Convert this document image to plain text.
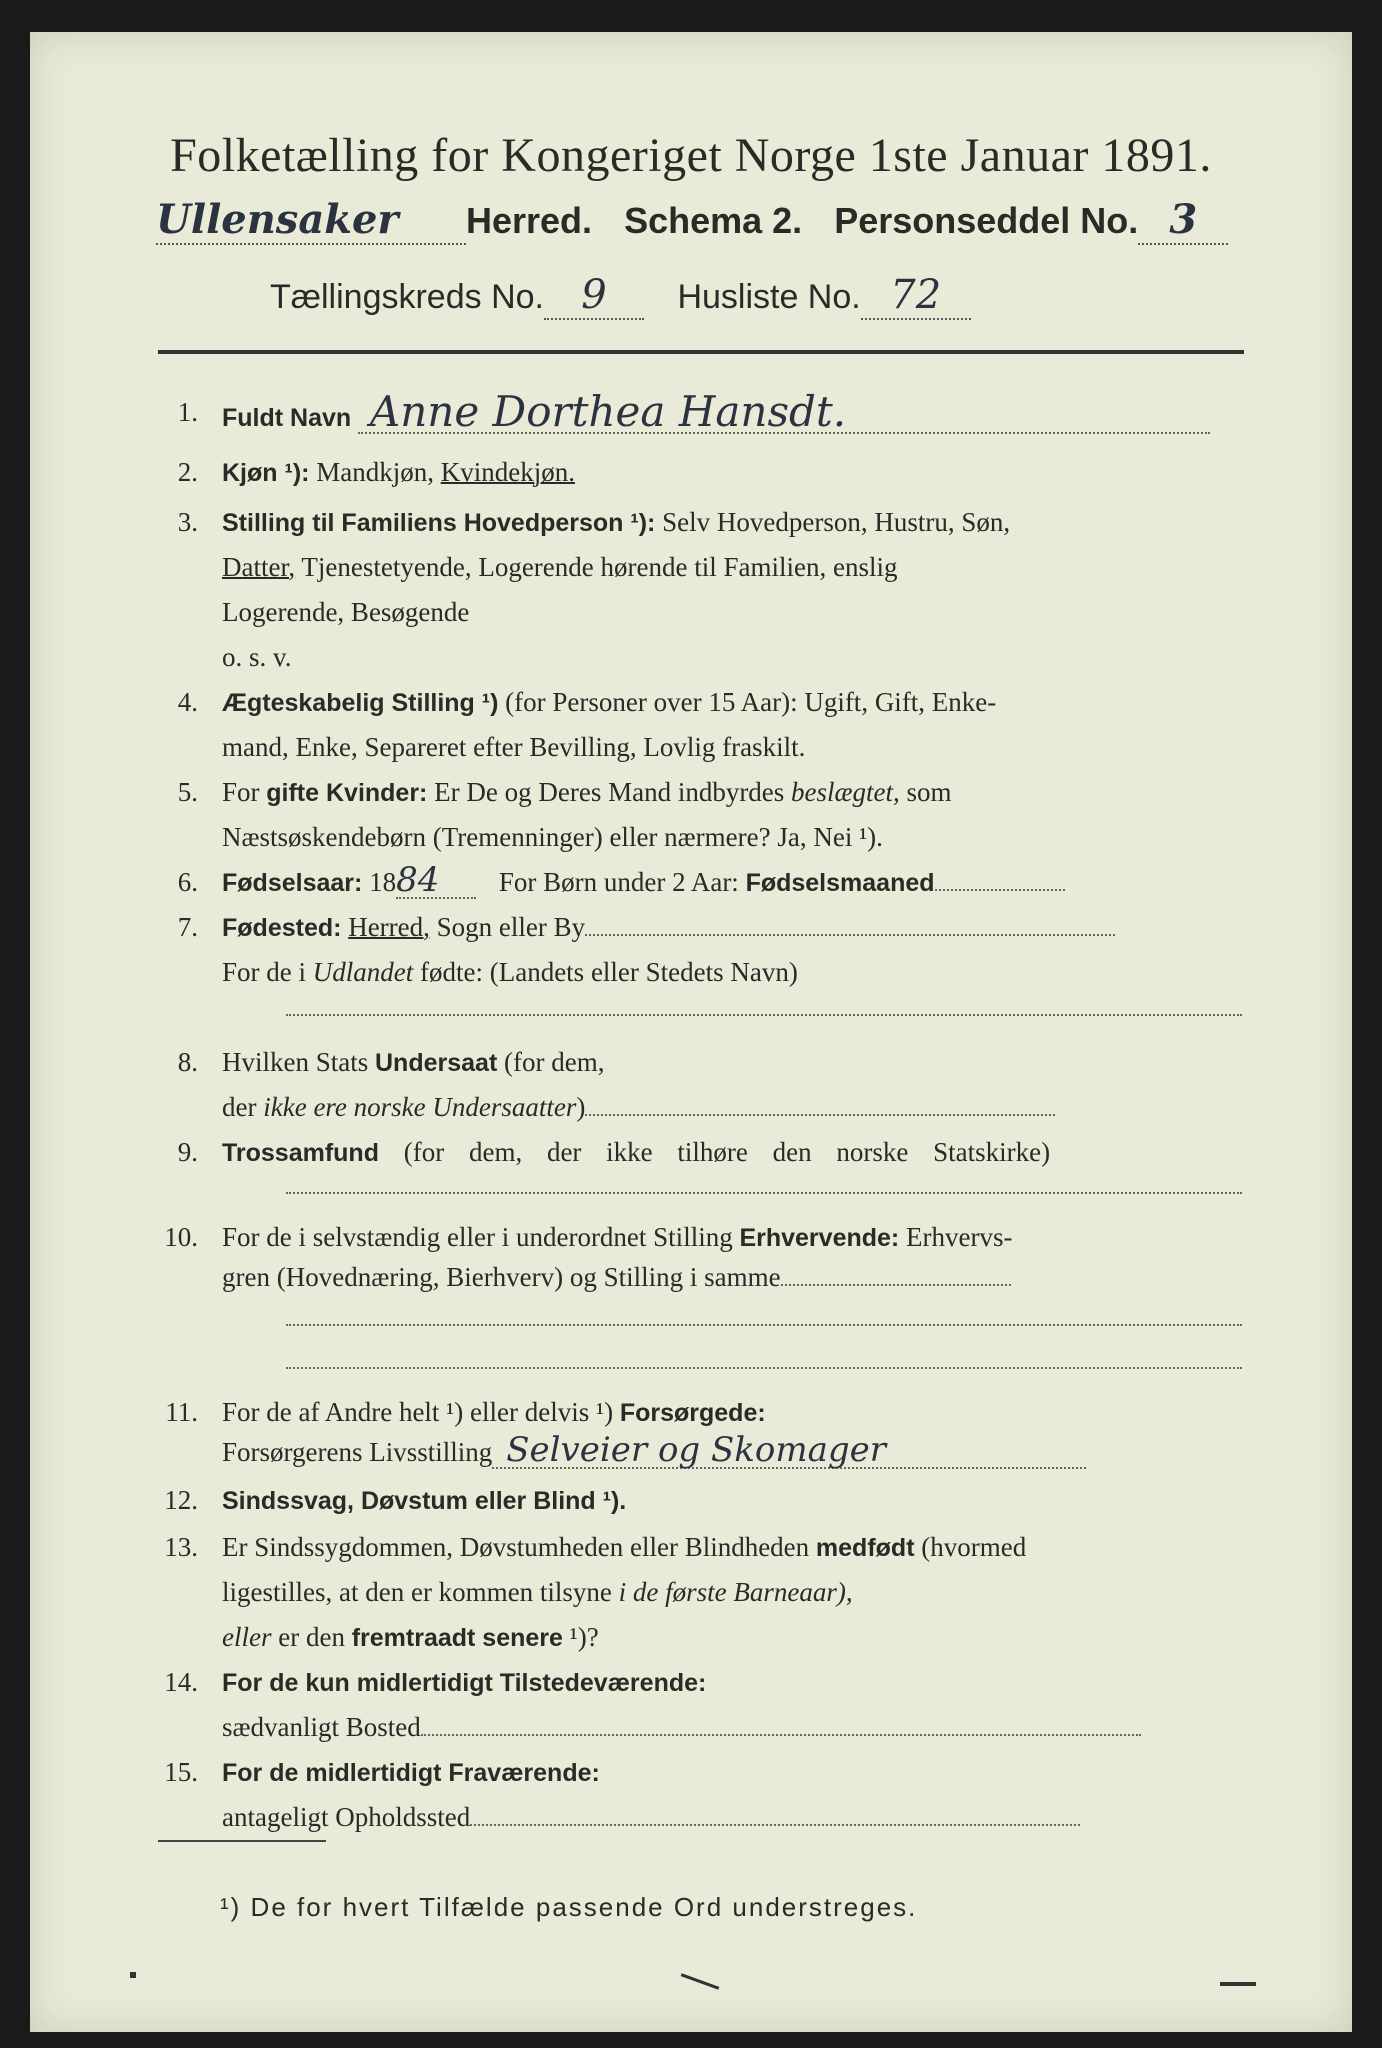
Folketælling for Kongeriget Norge 1ste Januar 1891.
Ullensaker Herred. Schema 2. Personseddel No. 3
Tællingskreds No. 9 Husliste No. 72
1. Fuldt Navn Anne Dorthea Hansdt.
2. Kjøn ¹): Mandkjøn, Kvindekjøn.
3. Stilling til Familiens Hovedperson ¹): Selv Hovedperson, Hustru, Søn,
Datter, Tjenestetyende, Logerende hørende til Familien, enslig
Logerende, Besøgende
o. s. v.
4. Ægteskabelig Stilling ¹) (for Personer over 15 Aar): Ugift, Gift, Enke-
mand, Enke, Separeret efter Bevilling, Lovlig fraskilt.
5. For gifte Kvinder: Er De og Deres Mand indbyrdes beslægtet, som
Næstsøskendebørn (Tremenninger) eller nærmere? Ja, Nei ¹).
6. Fødselsaar: 1884 For Børn under 2 Aar: Fødselsmaaned
7. Fødested: Herred, Sogn eller By
For de i Udlandet fødte: (Landets eller Stedets Navn)
8. Hvilken Stats Undersaat (for dem,
der ikke ere norske Undersaatter)
9. Trossamfund (for dem, der ikke tilhøre den norske Statskirke)
10. For de i selvstændig eller i underordnet Stilling Erhvervende: Erhvervs-
gren (Hovednæring, Bierhverv) og Stilling i samme
11. For de af Andre helt ¹) eller delvis ¹) Forsørgede:
Forsørgerens Livsstilling Selveier og Skomager
12. Sindssvag, Døvstum eller Blind ¹).
13. Er Sindssygdommen, Døvstumheden eller Blindheden medfødt (hvormed
ligestilles, at den er kommen tilsyne i de første Barneaar),
eller er den fremtraadt senere ¹)?
14. For de kun midlertidigt Tilstedeværende:
sædvanligt Bosted
15. For de midlertidigt Fraværende:
antageligt Opholdssted
¹) De for hvert Tilfælde passende Ord understreges.
